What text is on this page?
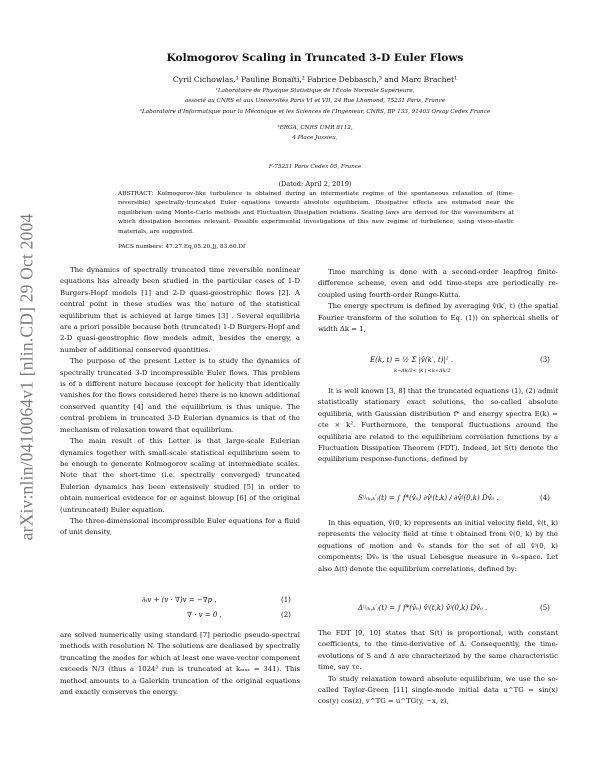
arXiv:nlin/0410064v1 [nlin.CD] 29 Oct 2004
Kolmogorov Scaling in Truncated 3-D Euler Flows
Cyril Cichowlas,¹ Pauline Bonaïti,² Fabrice Debbasch,³ and Marc Brachet¹
¹Laboratoire de Physique Statistique de l'Ecole Normale Supérieure,
associé au CNRS et aux Universités Paris VI et VII, 24 Rue Lhomond, 75231 Paris, France
²Laboratoire d'Informatique pour la Mécanique et les Sciences de l'Ingénieur, CNRS, BP 133, 91403 Orsay Cedex France
³ERGA, CNRS UMR 8112,
4 Place Jussieu,
F-75231 Paris Cedex 05, France
(Dated: April 2, 2019)
ABSTRACT: Kolmogorov-like turbulence is obtained during an intermediate regime of the spontaneous relaxation of (time-reversible) spectrally-truncated Euler equations towards absolute equilibrium. Dissipative effects are estimated near the equilibrium using Monte-Carlo methods and Fluctuation Dissipation relations. Scaling laws are derived for the wavenumbers at which dissipation becomes relevant. Possible experimental investigations of this new regime of turbulence, using visco-elastic materials, are suggested.
PACS numbers: 47.27.Eq,05.20.Jj, 83.60.Df

The dynamics of spectrally truncated time reversible nonlinear equations has already been studied in the particular cases of 1-D Burgers-Hopf models [1] and 2-D quasi-geostrophic flows [2]. A central point in these studies was the nature of the statistical equilibrium that is achieved at large times [3] . Several equilibria are a priori possible because both (truncated) 1-D Burgers-Hopf and 2-D quasi-geostrophic flow models admit, besides the energy, a number of additional conserved quantities.

The purpose of the present Letter is to study the dynamics of spectrally truncated 3-D incompressible Euler flows. This problem is of a different nature because (except for helicity that identically vanishes for the flows considered here) there is no known additional conserved quantity [4] and the equilibrium is thus unique. The central problem in truncated 3-D Eulerian dynamics is that of the mechanism of relaxation toward that equilibrium.

The main result of this Letter is that large-scale Eulerian dynamics together with small-scale statistical equilibrium seem to be enough to generate Kolmogorov scaling at intermediate scales. Note that the short-time (i.e. spectrally converged) truncated Eulerian dynamics has been extensively studied [5] in order to obtain numerical evidence for or against blowup [6] of the original (untruncated) Euler equation.

The three-dimensional incompressible Euler equations for a fluid of unit density,

∂ₜv + (v · ∇)v = −∇p ,	(1)
∇ · v = 0 ,	(2)

are solved numerically using standard [7] periodic pseudo-spectral methods with resolution N. The solutions are dealiased by spectrally truncating the modes for which at least one wave-vector component exceeds N/3 (thus a 1024³ run is truncated at kₘₐₓ = 341). This method amounts to a Galerkin truncation of the original equations and exactly conserves the energy.

Time marching is done with a second-order leapfrog finite-difference scheme, even and odd time-steps are periodically re-coupled using fourth-order Runge-Kutta.

The energy spectrum is defined by averaging v̂(k′, t) (the spatial Fourier transform of the solution to Eq. (1)) on spherical shells of width Δk = 1,

E(k, t) = ½ Σ |v̂(k′, t)|² .
k−Δk/2< |k′| <k+Δk/2
(3)

It is well known [3, 8] that the truncated equations (1), (2) admit statistically stationary exact solutions, the so-called absolute equilibria, with Gaussian distribution f* and energy spectra E(k) = cte × k². Furthermore, the temporal fluctuations around the equilibria are related to the equilibrium correlation functions by a Fluctuation Dissipation Theorem (FDT). Indeed, let S(t) denote the equilibrium response-functions, defined by

Sⁱʲ₍ₖ,ₖ′₎(t) = ∫ f*(v̂₀) ∂v̂ⁱ(t,k) / ∂v̂ʲ(0,k) Dv̂₀ .	(4)

In this equation, v̂(0, k) represents an initial velocity field, v̂(t, k) represents the velocity field at time t obtained from v̂(0, k) by the equations of motion and v̂₀ stands for the set of all v̂ʲ(0, k) components; Dv̂₀ is the usual Lebesgue measure in v̂₀-space. Let also Δ(t) denote the equilibrium correlations, defined by:

Δⁱʲ₍ₖ,ₖ′₎(t) = ∫ f*(v̂₀) v̂ⁱ(t,k) v̂ʲ(0,k) Dv̂₀ .	(5)

The FDT [9, 10] states that S(t) is proportional, with constant coefficients, to the time-derivative of Δ. Consequently, the time-evolutions of S and Δ are characterized by the same characteristic time, say τc.

To study relaxation toward absolute equilibrium, we use the so-called Taylor-Green [11] single-mode initial data u^TG = sin(x) cos(y) cos(z), v^TG = u^TG(y, −x, z),
